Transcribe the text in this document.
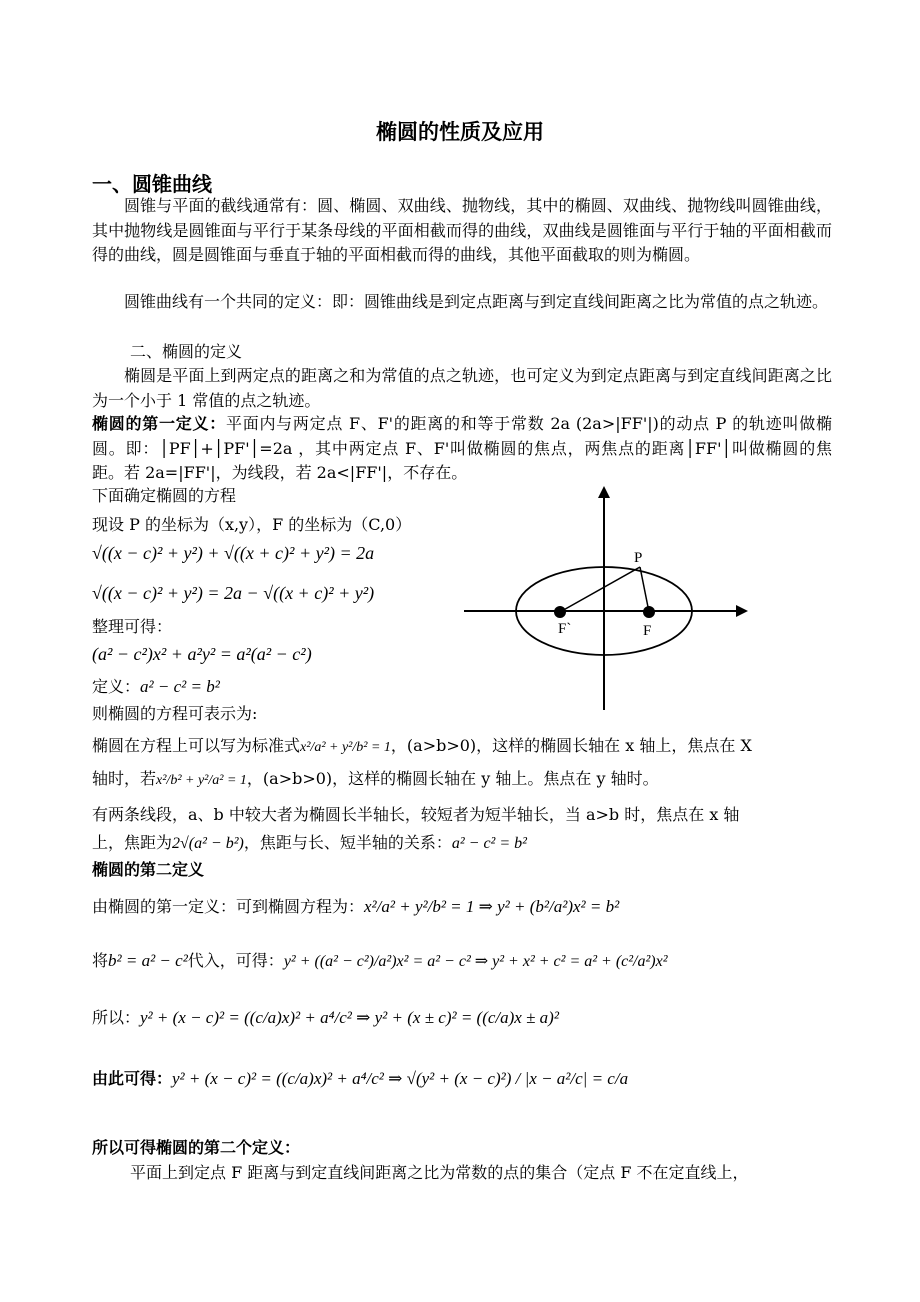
椭圆的性质及应用
一、圆锥曲线
圆锥与平面的截线通常有：圆、椭圆、双曲线、抛物线，其中的椭圆、双曲线、抛物线叫圆锥曲线，其中抛物线是圆锥面与平行于某条母线的平面相截而得的曲线，双曲线是圆锥面与平行于轴的平面相截而得的曲线，圆是圆锥面与垂直于轴的平面相截而得的曲线，其他平面截取的则为椭圆。
圆锥曲线有一个共同的定义：即：圆锥曲线是到定点距离与到定直线间距离之比为常值的点之轨迹。
二、椭圆的定义
椭圆是平面上到两定点的距离之和为常值的点之轨迹，也可定义为到定点距离与到定直线间距离之比为一个小于 1 常值的点之轨迹。
椭圆的第一定义：平面内与两定点 F、F'的距离的和等于常数 2a (2a>|FF'|)的动点 P 的轨迹叫做椭圆。即：│PF│+│PF'│=2a ，其中两定点 F、F'叫做椭圆的焦点，两焦点的距离│FF'│叫做椭圆的焦距。若 2a=|FF'|，为线段，若 2a<|FF'|，不存在。
下面确定椭圆的方程
现设 P 的坐标为（x,y），F 的坐标为（C,0）
√((x − c)² + y²) + √((x + c)² + y²) = 2a
√((x − c)² + y²) = 2a − √((x + c)² + y²)
整理可得：
(a² − c²)x² + a²y² = a²(a² − c²)
定义：a² − c² = b²
则椭圆的方程可表示为:
椭圆在方程上可以写为标准式x²/a² + y²/b² = 1，(a>b>0)，这样的椭圆长轴在 x 轴上，焦点在 X
轴时，若x²/b² + y²/a² = 1，(a>b>0)，这样的椭圆长轴在 y 轴上。焦点在 y 轴时。
有两条线段，a、b 中较大者为椭圆长半轴长，较短者为短半轴长，当 a>b 时，焦点在 x 轴
上，焦距为2√(a² − b²)，焦距与长、短半轴的关系：a² − c² = b²
椭圆的第二定义
由椭圆的第一定义：可到椭圆方程为：x²/a² + y²/b² = 1 ⇒ y² + (b²/a²)x² = b²
将b² = a² − c²代入，可得：y² + ((a² − c²)/a²)x² = a² − c² ⇒ y² + x² + c² = a² + (c²/a²)x²
所以：y² + (x − c)² = ((c/a)x)² + a⁴/c² ⇒ y² + (x ± c)² = ((c/a)x ± a)²
由此可得：y² + (x − c)² = ((c/a)x)² + a⁴/c² ⇒ √(y² + (x − c)²) / |x − a²/c| = c/a
所以可得椭圆的第二个定义：
平面上到定点 F 距离与到定直线间距离之比为常数的点的集合（定点 F 不在定直线上，
P
F`	F
